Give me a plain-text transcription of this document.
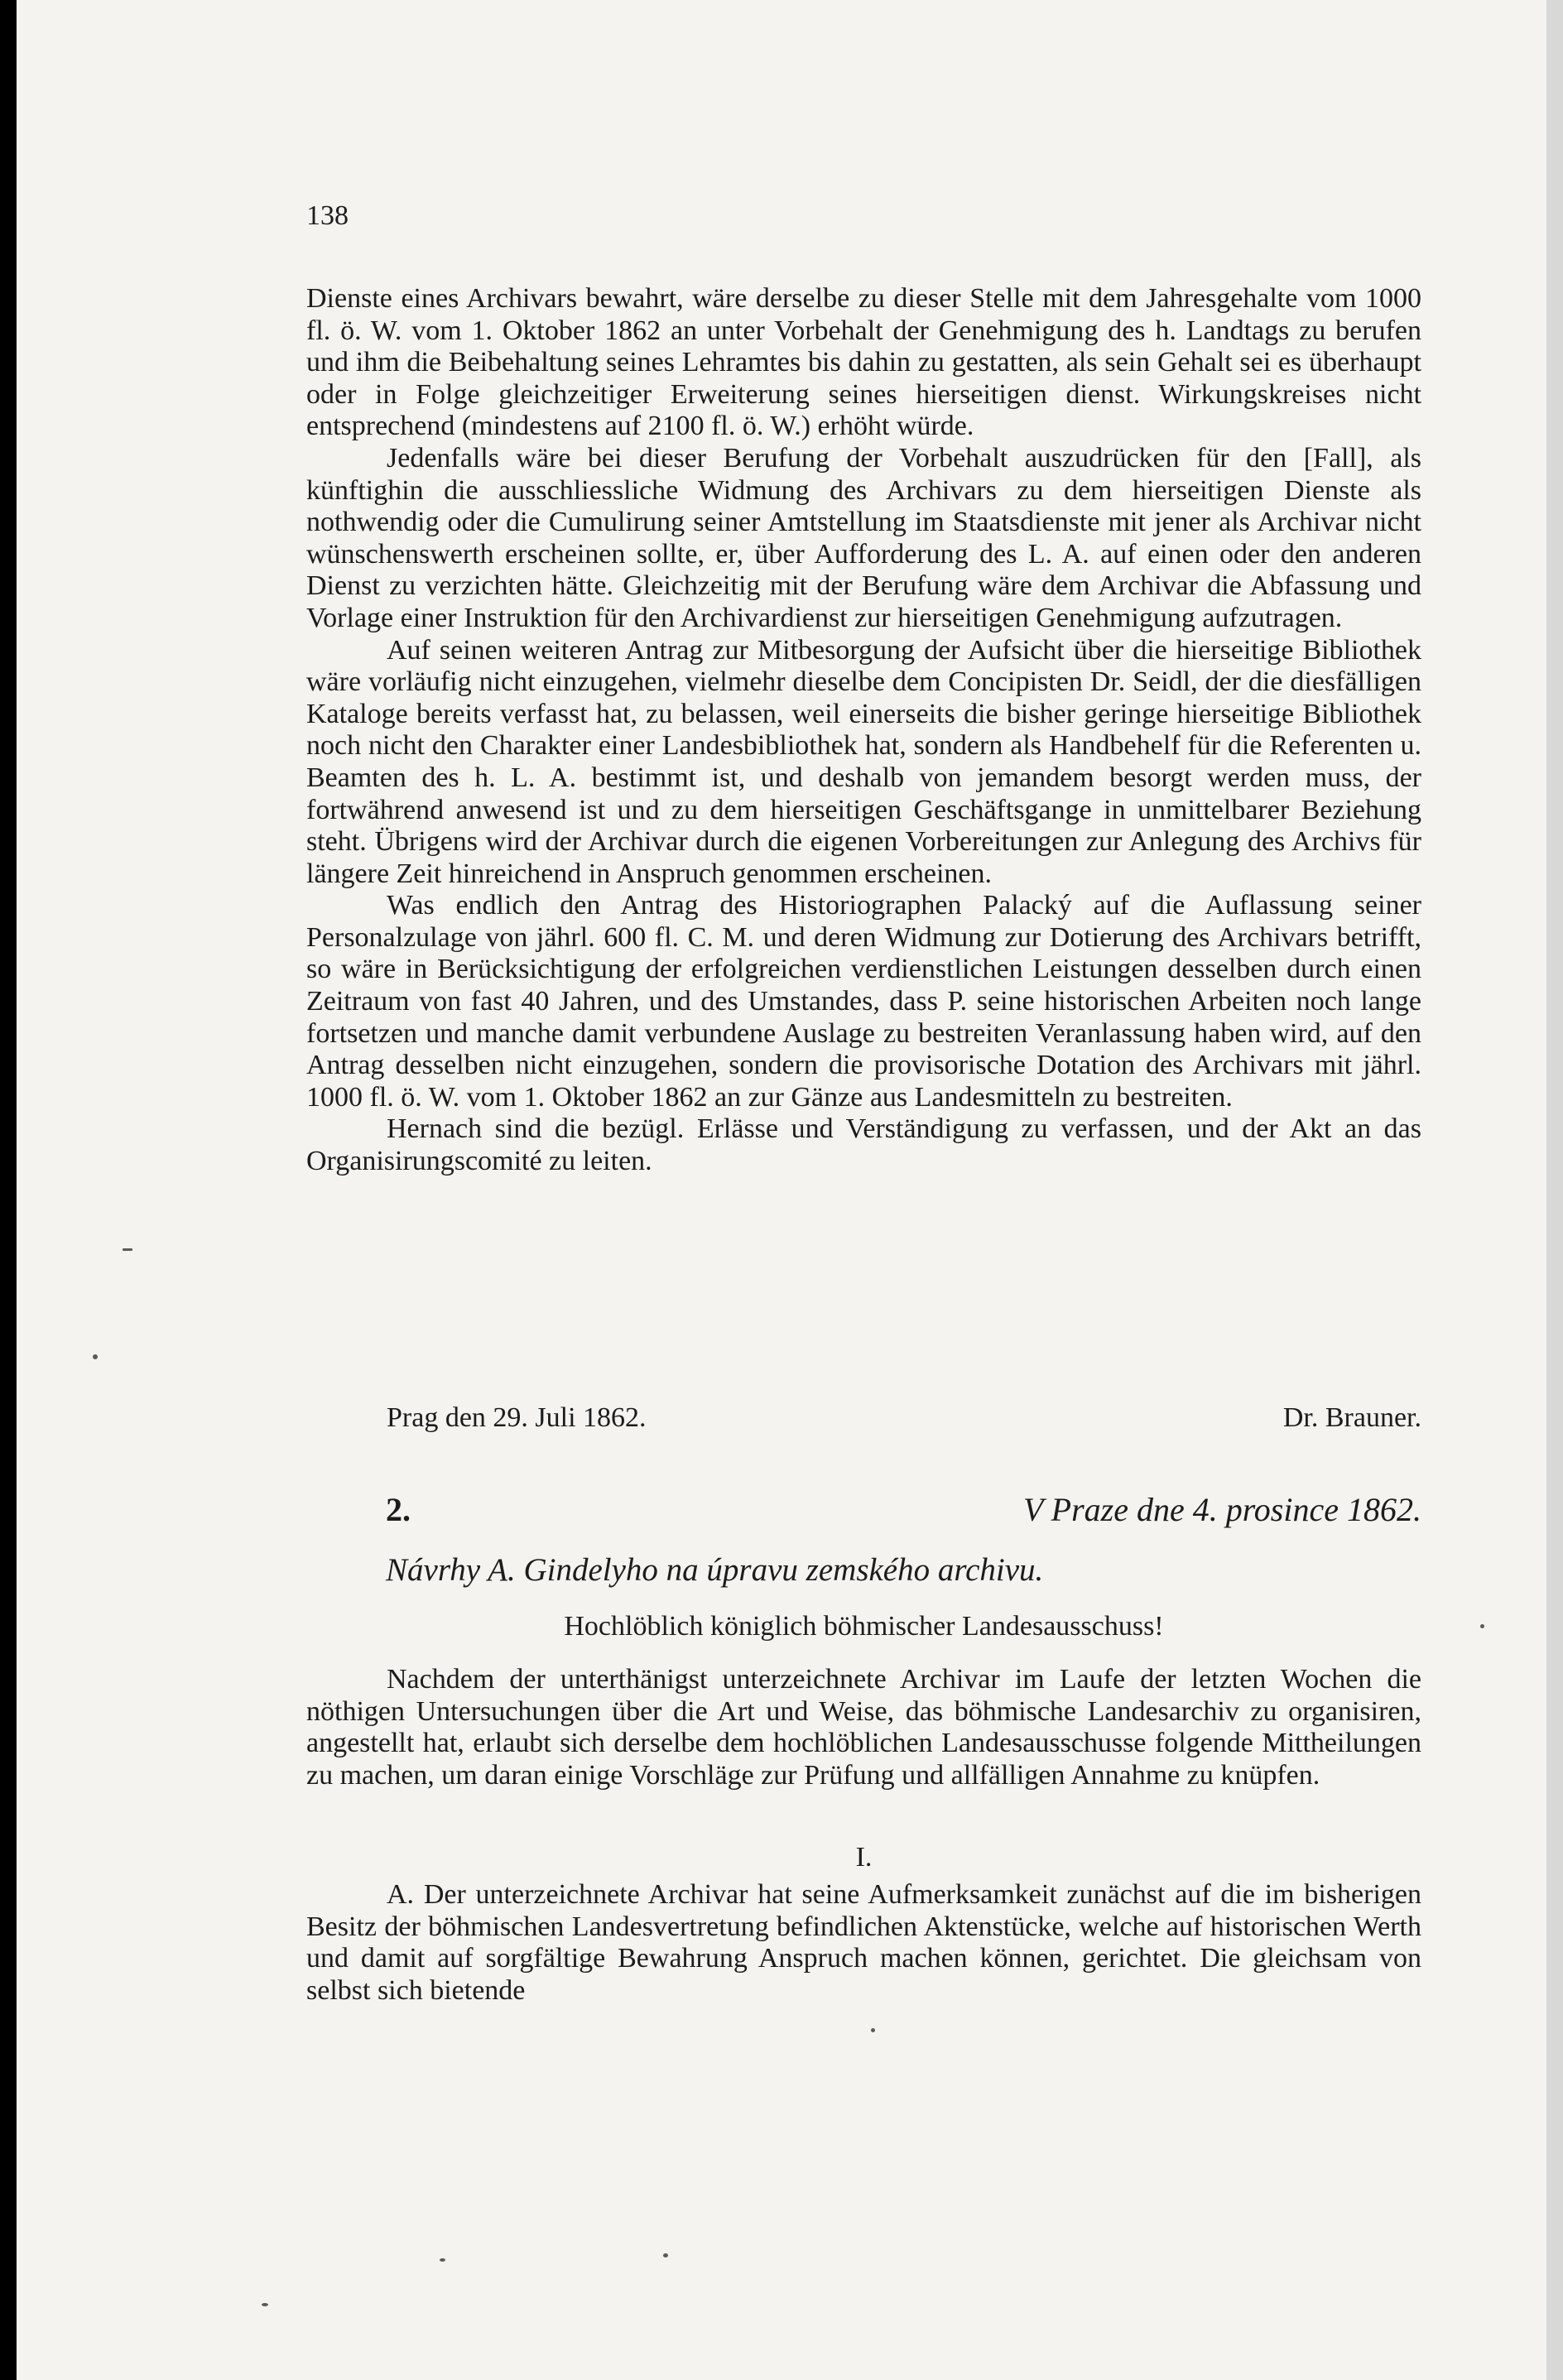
138

Dienste eines Archivars bewahrt, wäre derselbe zu dieser Stelle mit dem Jahresgehalte vom 1000 fl. ö. W. vom 1. Oktober 1862 an unter Vorbehalt der Genehmigung des h. Landtags zu berufen und ihm die Beibehaltung seines Lehramtes bis dahin zu gestatten, als sein Gehalt sei es überhaupt oder in Folge gleichzeitiger Erweiterung seines hierseitigen dienst. Wirkungskreises nicht entsprechend (mindestens auf 2100 fl. ö. W.) erhöht würde.

Jedenfalls wäre bei dieser Berufung der Vorbehalt auszudrücken für den [Fall], als künftighin die ausschliessliche Widmung des Archivars zu dem hierseitigen Dienste als nothwendig oder die Cumulirung seiner Amtstellung im Staatsdienste mit jener als Archivar nicht wünschenswerth erscheinen sollte, er, über Aufforderung des L. A. auf einen oder den anderen Dienst zu verzichten hätte. Gleichzeitig mit der Berufung wäre dem Archivar die Abfassung und Vorlage einer Instruktion für den Archivardienst zur hierseitigen Genehmigung aufzutragen.

Auf seinen weiteren Antrag zur Mitbesorgung der Aufsicht über die hierseitige Bibliothek wäre vorläufig nicht einzugehen, vielmehr dieselbe dem Concipisten Dr. Seidl, der die diesfälligen Kataloge bereits verfasst hat, zu belassen, weil einerseits die bisher geringe hierseitige Bibliothek noch nicht den Charakter einer Landesbibliothek hat, sondern als Handbehelf für die Referenten u. Beamten des h. L. A. bestimmt ist, und deshalb von jemandem besorgt werden muss, der fortwährend anwesend ist und zu dem hierseitigen Geschäftsgange in unmittelbarer Beziehung steht. Übrigens wird der Archivar durch die eigenen Vorbereitungen zur Anlegung des Archivs für längere Zeit hinreichend in Anspruch genommen erscheinen.

Was endlich den Antrag des Historiographen Palacký auf die Auflassung seiner Personalzulage von jährl. 600 fl. C. M. und deren Widmung zur Dotierung des Archivars betrifft, so wäre in Berücksichtigung der erfolgreichen verdienstlichen Leistungen desselben durch einen Zeitraum von fast 40 Jahren, und des Umstandes, dass P. seine historischen Arbeiten noch lange fortsetzen und manche damit verbundene Auslage zu bestreiten Veranlassung haben wird, auf den Antrag desselben nicht einzugehen, sondern die provisorische Dotation des Archivars mit jährl. 1000 fl. ö. W. vom 1. Oktober 1862 an zur Gänze aus Landesmitteln zu bestreiten.

Hernach sind die bezügl. Erlässe und Verständigung zu verfassen, und der Akt an das Organisirungscomité zu leiten.

Prag den 29. Juli 1862.	Dr. Brauner.
2.	V Praze dne 4. prosince 1862.
Návrhy A. Gindelyho na úpravu zemského archivu.
Hochlöblich königlich böhmischer Landesausschuss!

Nachdem der unterthänigst unterzeichnete Archivar im Laufe der letzten Wochen die nöthigen Untersuchungen über die Art und Weise, das böhmische Landesarchiv zu organisiren, angestellt hat, erlaubt sich derselbe dem hochlöblichen Landesausschusse folgende Mittheilungen zu machen, um daran einige Vorschläge zur Prüfung und allfälligen Annahme zu knüpfen.

I.

A. Der unterzeichnete Archivar hat seine Aufmerksamkeit zunächst auf die im bisherigen Besitz der böhmischen Landesvertretung befindlichen Aktenstücke, welche auf historischen Werth und damit auf sorgfältige Bewahrung Anspruch machen können, gerichtet. Die gleichsam von selbst sich bietende
